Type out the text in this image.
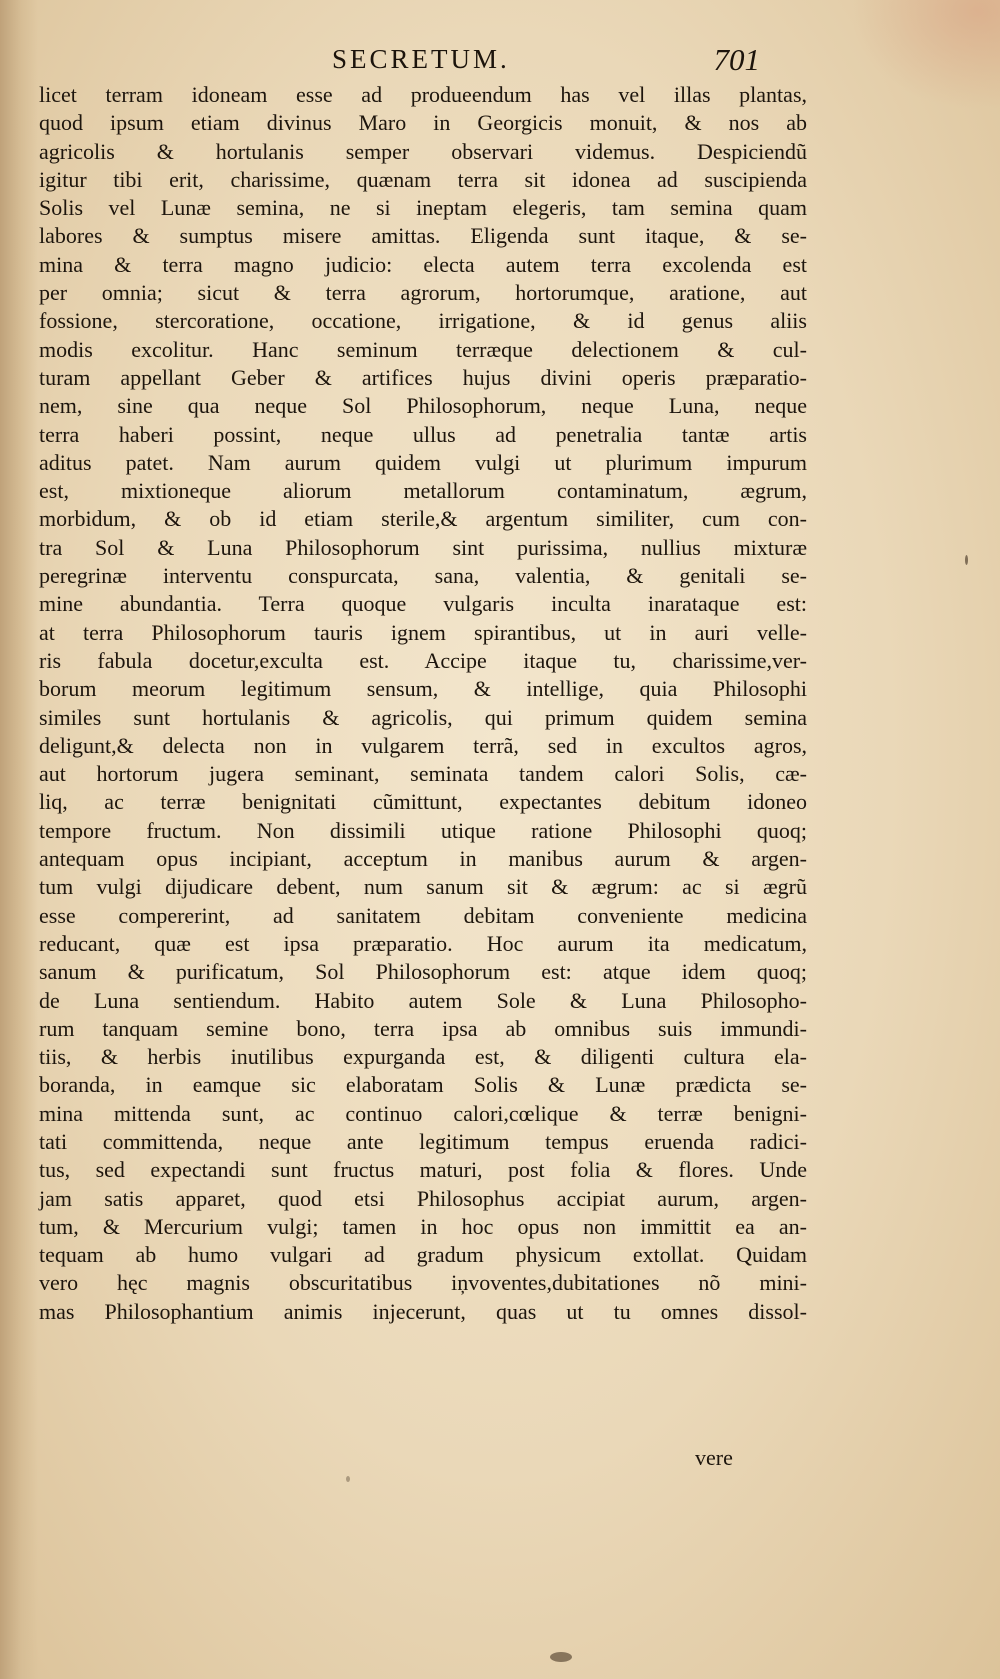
SECRETUM.	701
licet terram idoneam esse ad produeendum has vel illas plantas,
quod ipsum etiam divinus Maro in Georgicis monuit, & nos ab
agricolis & hortulanis semper observari videmus. Despiciendũ
igitur tibi erit, charissime, quænam terra sit idonea ad suscipienda
Solis vel Lunæ semina, ne si ineptam elegeris, tam semina quam
labores & sumptus misere amittas. Eligenda sunt itaque, & se-
mina & terra magno judicio: electa autem terra excolenda est
per omnia; sicut & terra agrorum, hortorumque, aratione, aut
fossione, stercoratione, occatione, irrigatione, & id genus aliis
modis excolitur. Hanc seminum terræque delectionem & cul-
turam appellant Geber & artifices hujus divini operis præparatio-
nem, sine qua neque Sol Philosophorum, neque Luna, neque
terra haberi possint, neque ullus ad penetralia tantæ artis
aditus patet. Nam aurum quidem vulgi ut plurimum impurum
est, mixtioneque aliorum metallorum contaminatum, ægrum,
morbidum, & ob id etiam sterile,& argentum similiter, cum con-
tra Sol & Luna Philosophorum sint purissima, nullius mixturæ
peregrinæ interventu conspurcata, sana, valentia, & genitali se-
mine abundantia. Terra quoque vulgaris inculta inarataque est:
at terra Philosophorum tauris ignem spirantibus, ut in auri velle-
ris fabula docetur,exculta est. Accipe itaque tu, charissime,ver-
borum meorum legitimum sensum, & intellige, quia Philosophi
similes sunt hortulanis & agricolis, qui primum quidem semina
deligunt,& delecta non in vulgarem terrã, sed in excultos agros,
aut hortorum jugera seminant, seminata tandem calori Solis, cæ-
liq, ac terræ benignitati cũmittunt, expectantes debitum idoneo
tempore fructum. Non dissimili utique ratione Philosophi quoq;
antequam opus incipiant, acceptum in manibus aurum & argen-
tum vulgi dijudicare debent, num sanum sit & ægrum: ac si ægrũ
esse compererint, ad sanitatem debitam conveniente medicina
reducant, quæ est ipsa præparatio. Hoc aurum ita medicatum,
sanum & purificatum, Sol Philosophorum est: atque idem quoq;
de Luna sentiendum. Habito autem Sole & Luna Philosopho-
rum tanquam semine bono, terra ipsa ab omnibus suis immundi-
tiis, & herbis inutilibus expurganda est, & diligenti cultura ela-
boranda, in eamque sic elaboratam Solis & Lunæ prædicta se-
mina mittenda sunt, ac continuo calori,cœlique & terræ benigni-
tati committenda, neque ante legitimum tempus eruenda radici-
tus, sed expectandi sunt fructus maturi, post folia & flores. Unde
jam satis apparet, quod etsi Philosophus accipiat aurum, argen-
tum, & Mercurium vulgi; tamen in hoc opus non immittit ea an-
tequam ab humo vulgari ad gradum physicum extollat. Quidam
vero hęc magnis obscuritatibus iņvoventes,dubitationes nõ mini-
mas Philosophantium animis injecerunt, quas ut tu omnes dissol-
vere
